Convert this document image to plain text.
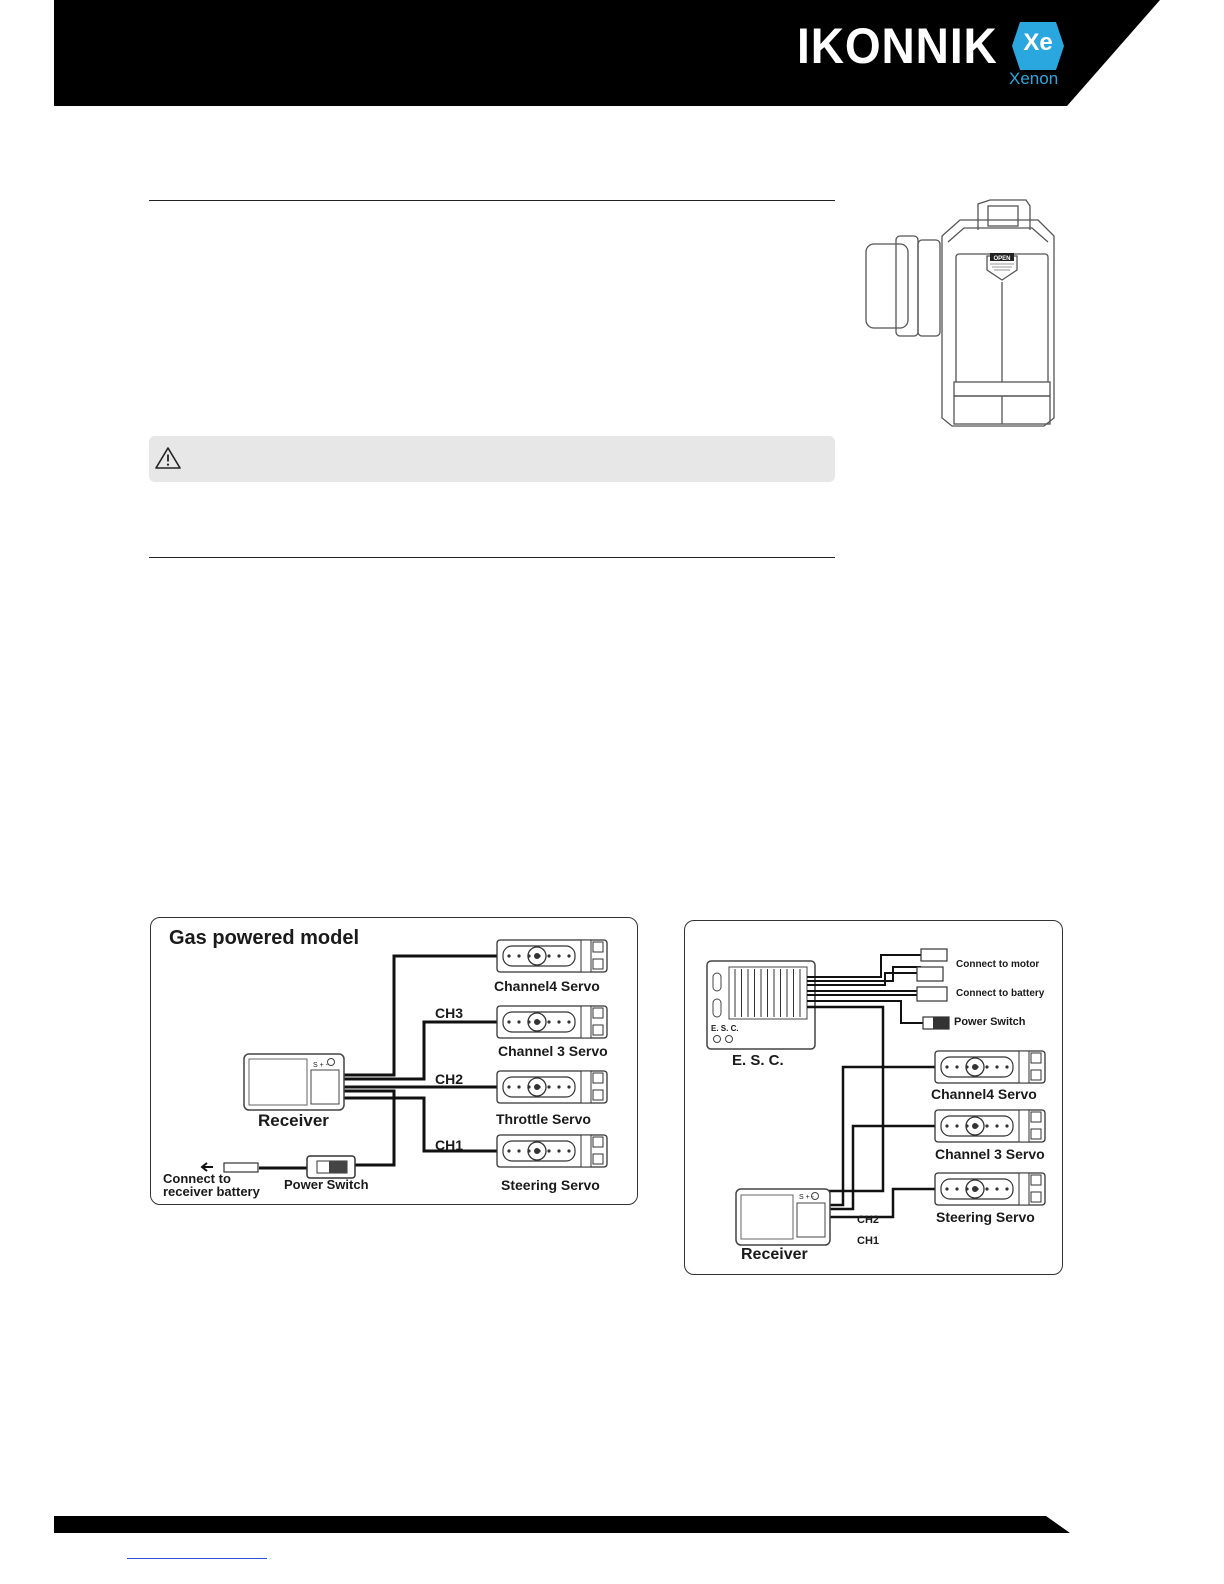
IKONNIK	Xe
Xenon
OPEN
Gas powered model
Channel4 Servo
Channel 3 Servo
Throttle Servo
Steering Servo
CH3
CH2
CH1
Receiver
Power Switch
Connect to
receiver battery
S + -	E. S. C.
E. S. C.
Connect to motor
Connect to battery
Power Switch
Channel4 Servo
Channel 3 Servo
Steering Servo
CH2
CH1
Receiver
S + -
